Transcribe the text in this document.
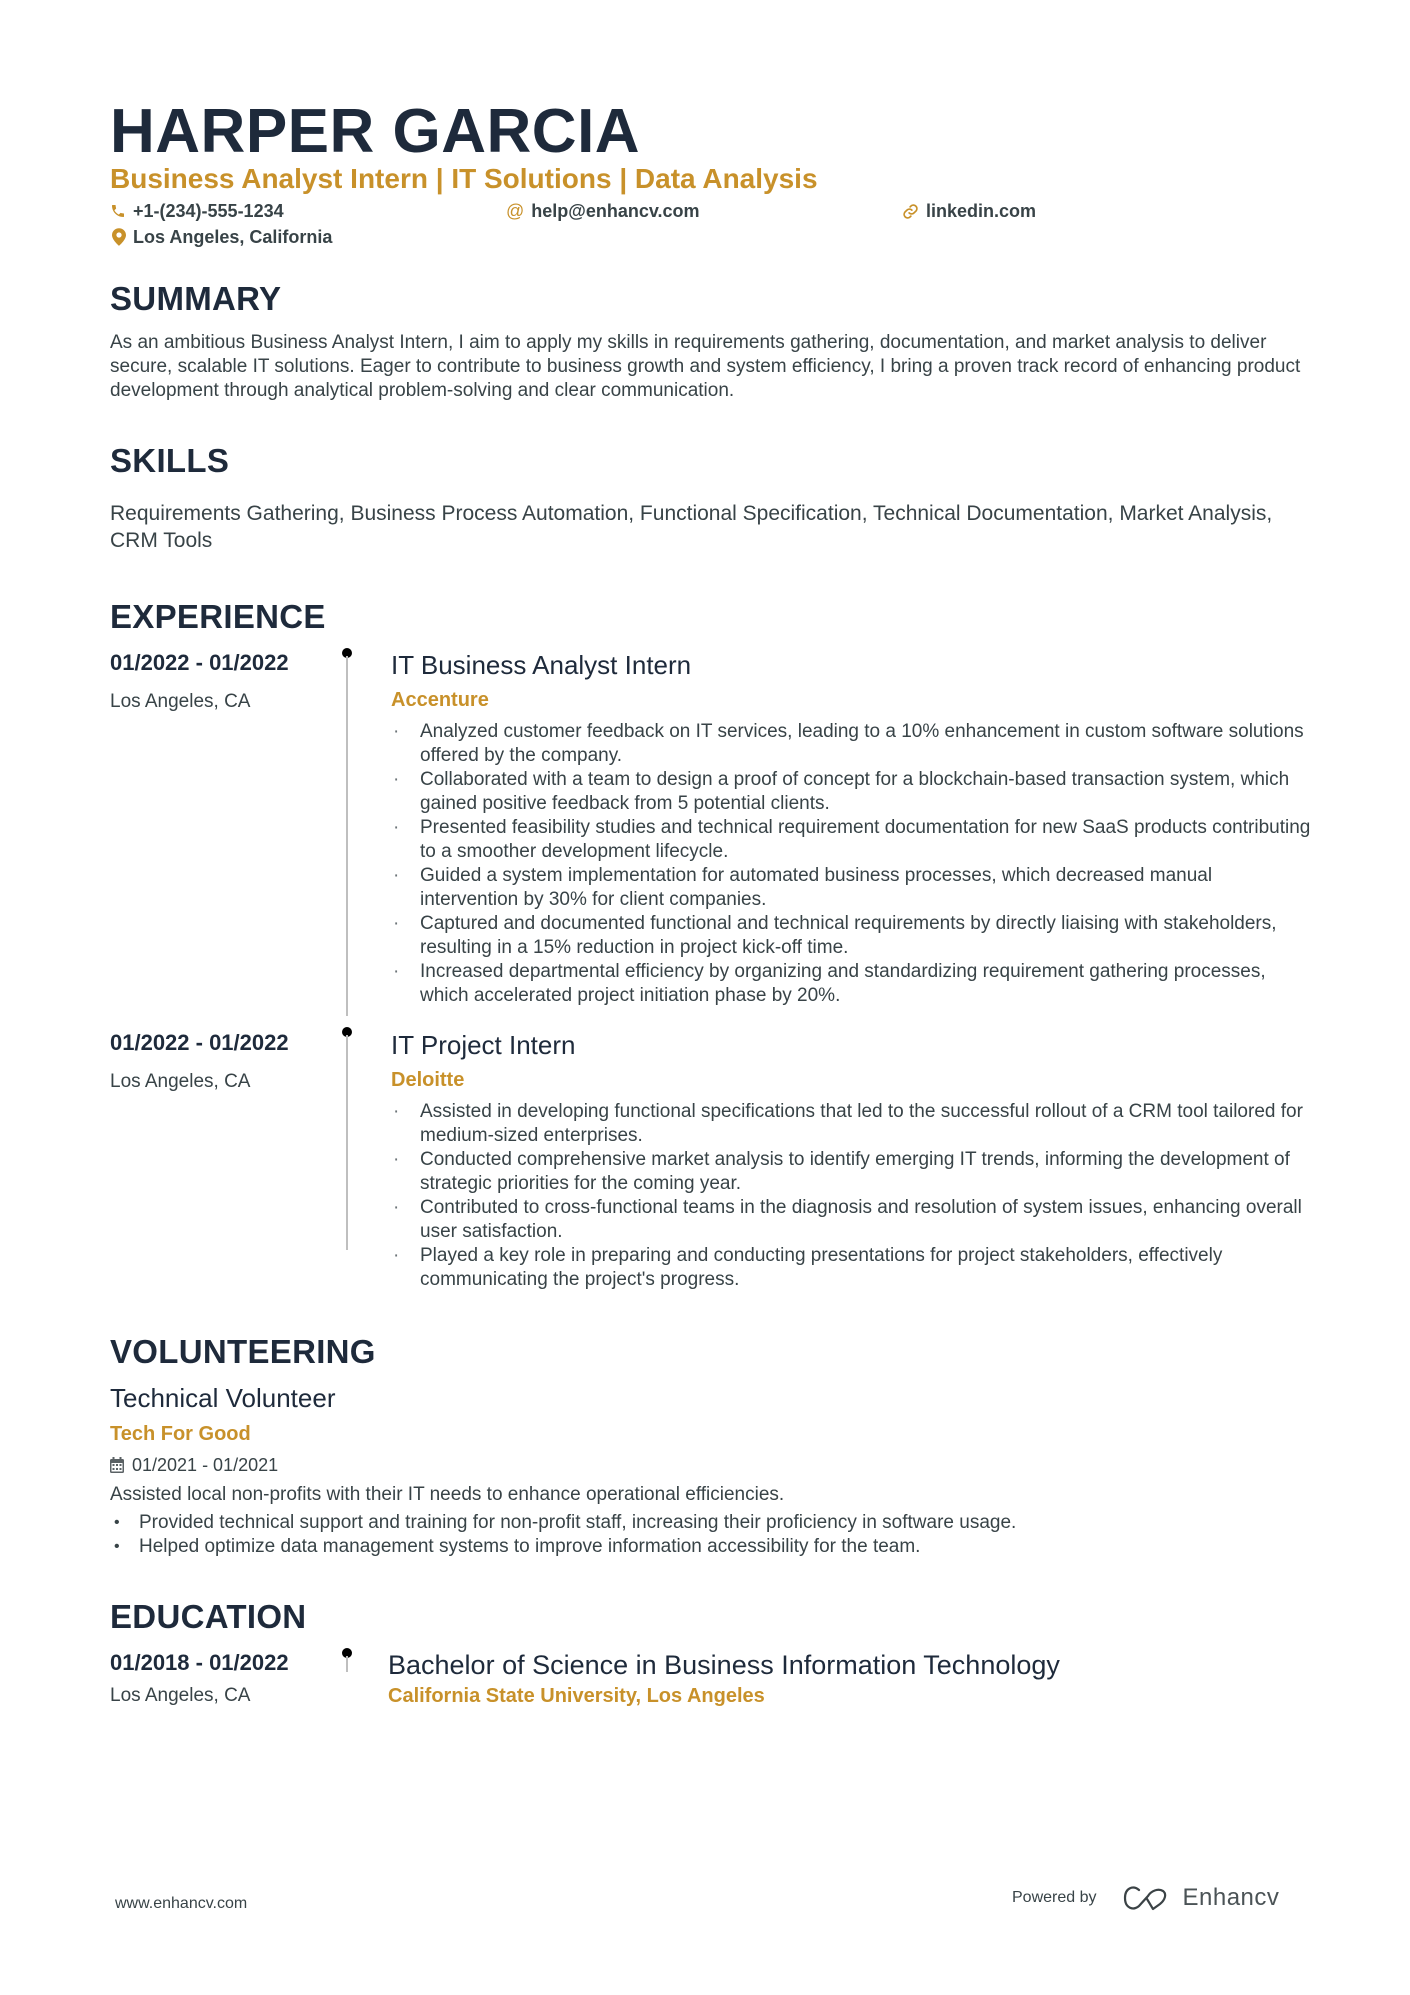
HARPER GARCIA
Business Analyst Intern | IT Solutions | Data Analysis
+1-(234)-555-1234	@ help@enhancv.com	linkedin.com
Los Angeles, California
SUMMARY
As an ambitious Business Analyst Intern, I aim to apply my skills in requirements gathering, documentation, and market analysis to deliver secure, scalable IT solutions. Eager to contribute to business growth and system efficiency, I bring a proven track record of enhancing product development through analytical problem-solving and clear communication.
SKILLS
Requirements Gathering, Business Process Automation, Functional Specification, Technical Documentation, Market Analysis, CRM Tools
EXPERIENCE
01/2022 - 01/2022
Los Angeles, CA
IT Business Analyst Intern
Accenture
· Analyzed customer feedback on IT services, leading to a 10% enhancement in custom software solutions offered by the company.
· Collaborated with a team to design a proof of concept for a blockchain-based transaction system, which gained positive feedback from 5 potential clients.
· Presented feasibility studies and technical requirement documentation for new SaaS products contributing to a smoother development lifecycle.
· Guided a system implementation for automated business processes, which decreased manual intervention by 30% for client companies.
· Captured and documented functional and technical requirements by directly liaising with stakeholders, resulting in a 15% reduction in project kick-off time.
· Increased departmental efficiency by organizing and standardizing requirement gathering processes, which accelerated project initiation phase by 20%.
01/2022 - 01/2022
Los Angeles, CA
IT Project Intern
Deloitte
· Assisted in developing functional specifications that led to the successful rollout of a CRM tool tailored for medium-sized enterprises.
· Conducted comprehensive market analysis to identify emerging IT trends, informing the development of strategic priorities for the coming year.
· Contributed to cross-functional teams in the diagnosis and resolution of system issues, enhancing overall user satisfaction.
· Played a key role in preparing and conducting presentations for project stakeholders, effectively communicating the project's progress.
VOLUNTEERING
Technical Volunteer
Tech For Good
01/2021 - 01/2021
Assisted local non-profits with their IT needs to enhance operational efficiencies.
• Provided technical support and training for non-profit staff, increasing their proficiency in software usage.
• Helped optimize data management systems to improve information accessibility for the team.
EDUCATION
01/2018 - 01/2022
Los Angeles, CA
Bachelor of Science in Business Information Technology
California State University, Los Angeles
www.enhancv.com	Powered by	Enhancv
